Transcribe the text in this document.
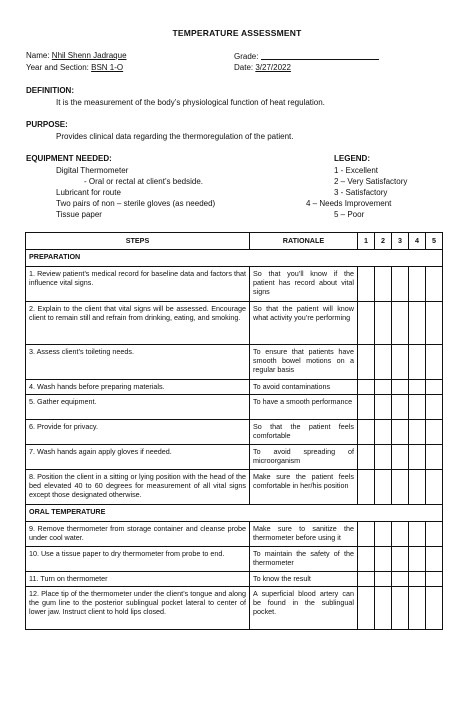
TEMPERATURE ASSESSMENT
Name: Nhil Shenn Jadraque	Grade:
Year and Section: BSN 1-O	Date: 3/27/2022
DEFINITION:
It is the measurement of the body’s physiological function of heat regulation.
PURPOSE:
Provides clinical data regarding the thermoregulation of the patient.
EQUIPMENT NEEDED:
Digital Thermometer
- Oral or rectal at client’s bedside.
Lubricant for route
Two pairs of non – sterile gloves (as needed)
Tissue paper
LEGEND:
1 - Excellent
2 – Very Satisfactory
3 - Satisfactory
4 – Needs Improvement
5 – Poor
STEPS	RATIONALE	1	2	3	4	5
PREPARATION						
1. Review patient’s medical record for baseline data and factors that influence vital signs.	So that you’ll know if the patient has record about vital signs					
2. Explain to the client that vital signs will be assessed. Encourage client to remain still and refrain from drinking, eating, and smoking.	So that the patient will know what activity you’re performing					
3. Assess client’s toileting needs.	To ensure that patients have smooth bowel motions on a regular basis					
4. Wash hands before preparing materials.	To avoid contaminations					
5. Gather equipment.	To have a smooth performance					
6. Provide for privacy.	So that the patient feels comfortable					
7. Wash hands again apply gloves if needed.	To avoid spreading of microorganism					
8. Position the client in a sitting or lying position with the head of the bed elevated 40 to 60 degrees for measurement of all vital signs except those designated otherwise.	Make sure the patient feels comfortable in her/his position					
ORAL TEMPERATURE						
9. Remove thermometer from storage container and cleanse probe under cool water.	Make sure to sanitize the thermometer before using it					
10. Use a tissue paper to dry thermometer from probe to end.	To maintain the safety of the thermometer					
11. Turn on thermometer	To know the result					
12. Place tip of the thermometer under the client’s tongue and along the gum line to the posterior sublingual pocket lateral to center of lower jaw. Instruct client to hold lips closed.	A superficial blood artery can be found in the sublingual pocket.					
